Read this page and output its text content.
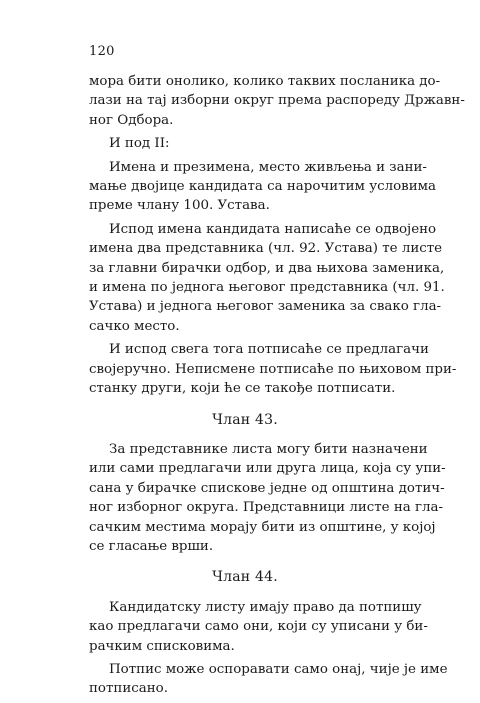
120
мора бити онолико, колико таквих посланика до-
лази на тај изборни округ према распореду Државн-
ног Одбора.
И под II:
Имена и презимена, место живљења и зани-
мање двојице кандидата са нарочитим условима
преме члану 100. Устава.
Испод имена кандидата написаће се одвојено
имена два представника (чл. 92. Устава) те листе
за главни бирачки одбор, и два њихова заменика,
и имена по једнога његовог представника (чл. 91.
Устава) и једнога његовог заменика за свако гла-
сачко место.
И испод свега тога потписаће се предлагачи
својеручно. Неписмене потписаће по њиховом при-
станку други, који ће се такође потписати.
Члан 43.
За представнике листа могу бити назначени
или сами предлагачи или друга лица, која су упи-
сана у бирачке спискове једне од општина дотич-
ног изборног округа. Представници листе на гла-
сачким местима морају бити из општине, у којој
се гласање врши.
Члан 44.
Кандидатску листу имају право да потпишу
као предлагачи само они, који су уписани у би-
рачким списковима.
Потпис може оспоравати само онај, чије је име
потписано.
